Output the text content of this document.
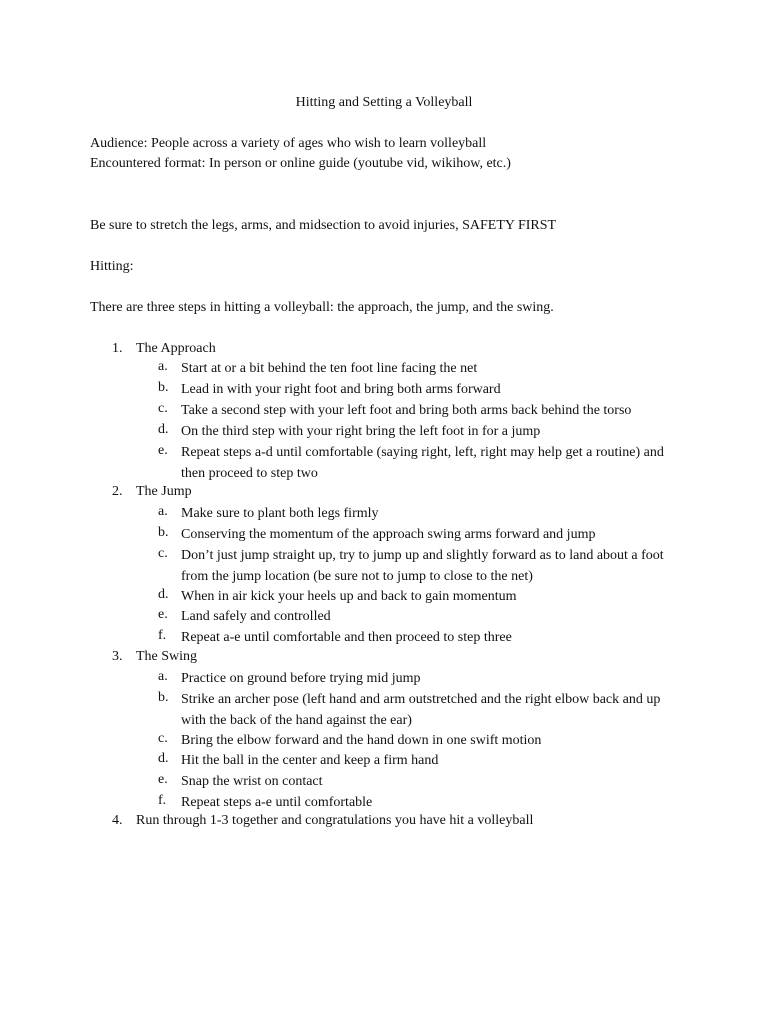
Hitting and Setting a Volleyball
Audience: People across a variety of ages who wish to learn volleyball
Encountered format: In person or online guide (youtube vid, wikihow, etc.)
Be sure to stretch the legs, arms, and midsection to avoid injuries, SAFETY FIRST
Hitting:
There are three steps in hitting a volleyball: the approach, the jump, and the swing.
1. The Approach
a. Start at or a bit behind the ten foot line facing the net
b. Lead in with your right foot and bring both arms forward
c. Take a second step with your left foot and bring both arms back behind the torso
d. On the third step with your right bring the left foot in for a jump
e. Repeat steps a-d until comfortable (saying right, left, right may help get a routine) and then proceed to step two
2. The Jump
a. Make sure to plant both legs firmly
b. Conserving the momentum of the approach swing arms forward and jump
c. Don’t just jump straight up, try to jump up and slightly forward as to land about a foot from the jump location (be sure not to jump to close to the net)
d. When in air kick your heels up and back to gain momentum
e. Land safely and controlled
f.	Repeat a-e until comfortable and then proceed to step three
3. The Swing
a. Practice on ground before trying mid jump
b. Strike an archer pose (left hand and arm outstretched and the right elbow back and up with the back of the hand against the ear)
c. Bring the elbow forward and the hand down in one swift motion
d. Hit the ball in the center and keep a firm hand
e. Snap the wrist on contact
f.	Repeat steps a-e until comfortable
4. Run through 1-3 together and congratulations you have hit a volleyball
